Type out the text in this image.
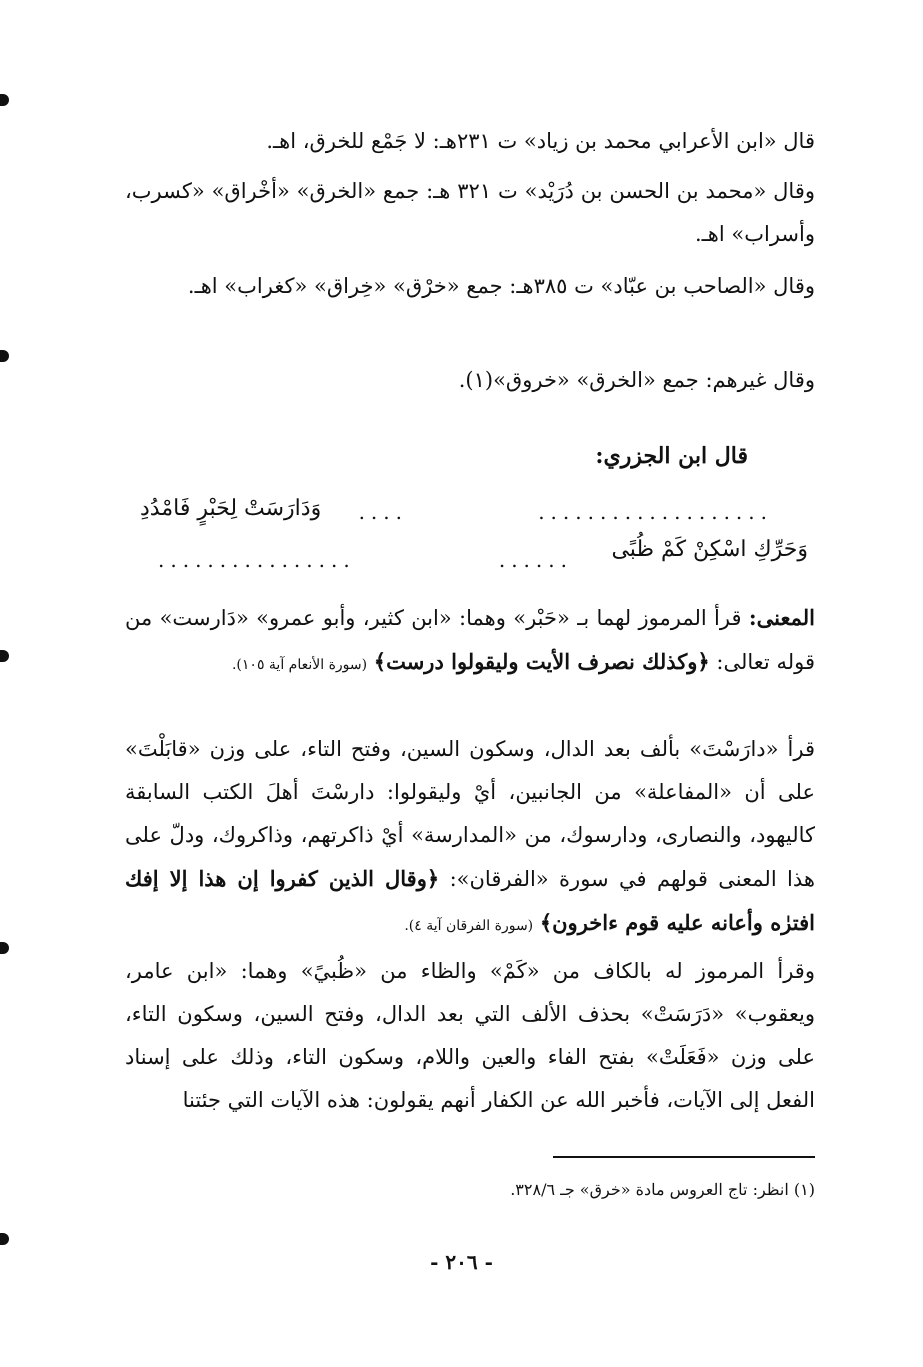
قال «ابن الأعرابي محمد بن زياد» ت ٢٣١هـ: لا جَمْع للخرق، اهـ.

وقال «محمد بن الحسن بن دُرَيْد» ت ٣٢١ هـ: جمع «الخرق» «أخْراق» «كسرب، وأسراب» اهـ.

وقال «الصاحب بن عبّاد» ت ٣٨٥هـ: جمع «خرْق» «خِراق» «كغراب» اهـ.

وقال غيرهم: جمع «الخرق» «خروق»(١).

قال ابن الجزري:

...................

....

وَدَارَسَتْ لِحَبْرٍ فَامْدُدِ

وَحَرِّكِ اسْكِنْ كَمْ ظُبًى

......

................

المعنى: قرأ المرموز لهما بـ «حَبْر» وهما: «ابن كثير، وأبو عمرو» «دَارست» من قوله تعالى: ﴿وكذلك نصرف الأيت وليقولوا درست﴾ (سورة الأنعام آية ١٠٥).

قرأ «دارَسْتَ» بألف بعد الدال، وسكون السين، وفتح التاء، على وزن «قابَلْتَ» على أن «المفاعلة» من الجانبين، أيْ وليقولوا: دارسْتَ أهلَ الكتب السابقة كاليهود، والنصارى، ودارسوك، من «المدارسة» أيْ ذاكرتهم، وذاكروك، ودلّ على هذا المعنى قولهم في سورة «الفرقان»: ﴿وقال الذين كفروا إن هذا إلا إفك افترٰه وأعانه عليه قوم ءاخرون﴾ (سورة الفرقان آية ٤).

وقرأ المرموز له بالكاف من «كَمْ» والظاء من «ظُبيً» وهما: «ابن عامر، ويعقوب» «دَرَسَتْ» بحذف الألف التي بعد الدال، وفتح السين، وسكون التاء، على وزن «فَعَلَتْ» بفتح الفاء والعين واللام، وسكون التاء، وذلك على إسناد الفعل إلى الآيات، فأخبر الله عن الكفار أنهم يقولون: هذه الآيات التي جئتنا

(١) انظر: تاج العروس مادة «خرق» جـ ٣٢٨/٦.

- ٢٠٦ -
